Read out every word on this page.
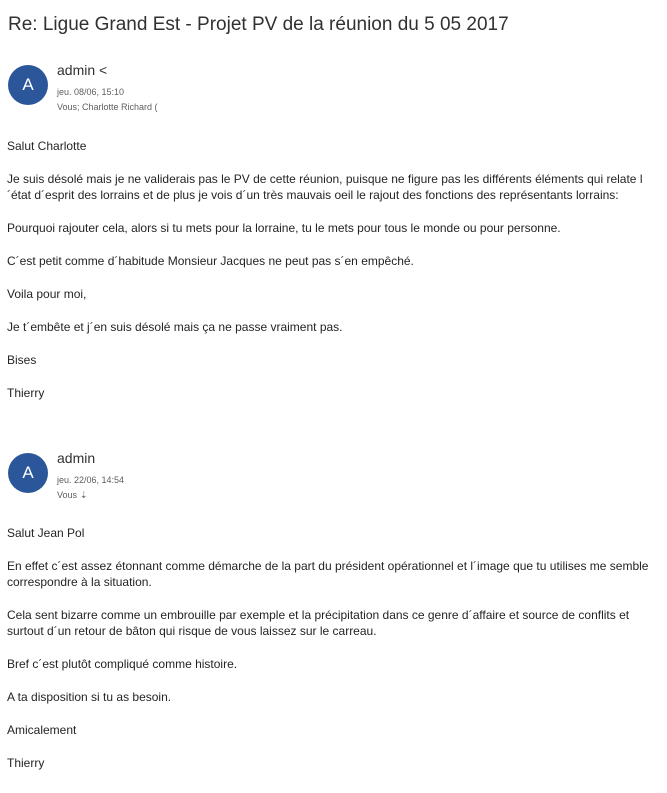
Re: Ligue Grand Est - Projet PV de la réunion du 5 05 2017
A
admin <
jeu. 08/06, 15:10
Vous; Charlotte Richard (

Salut Charlotte

Je suis désolé mais je ne validerais pas le PV de cette réunion, puisque ne figure pas les différents éléments qui relate l´état d´esprit des lorrains et de plus je vois d´un très mauvais oeil le rajout des fonctions des représentants lorrains:

Pourquoi rajouter cela, alors si tu mets pour la lorraine, tu le mets pour tous le monde ou pour personne.

C´est petit comme d´habitude Monsieur Jacques ne peut pas s´en empêché.

Voila pour moi,

Je t´embête et j´en suis désolé mais ça ne passe vraiment pas.

Bises

Thierry

A
admin
jeu. 22/06, 14:54
Vous ⇣

Salut Jean Pol

En effet c´est assez étonnant comme démarche de la part du président opérationnel et l´image que tu utilises me semble correspondre à la situation.

Cela sent bizarre comme un embrouille par exemple et la précipitation dans ce genre d´affaire et source de conflits et surtout d´un retour de bâton qui risque de vous laissez sur le carreau.

Bref c´est plutôt compliqué comme histoire.

A ta disposition si tu as besoin.

Amicalement

Thierry
